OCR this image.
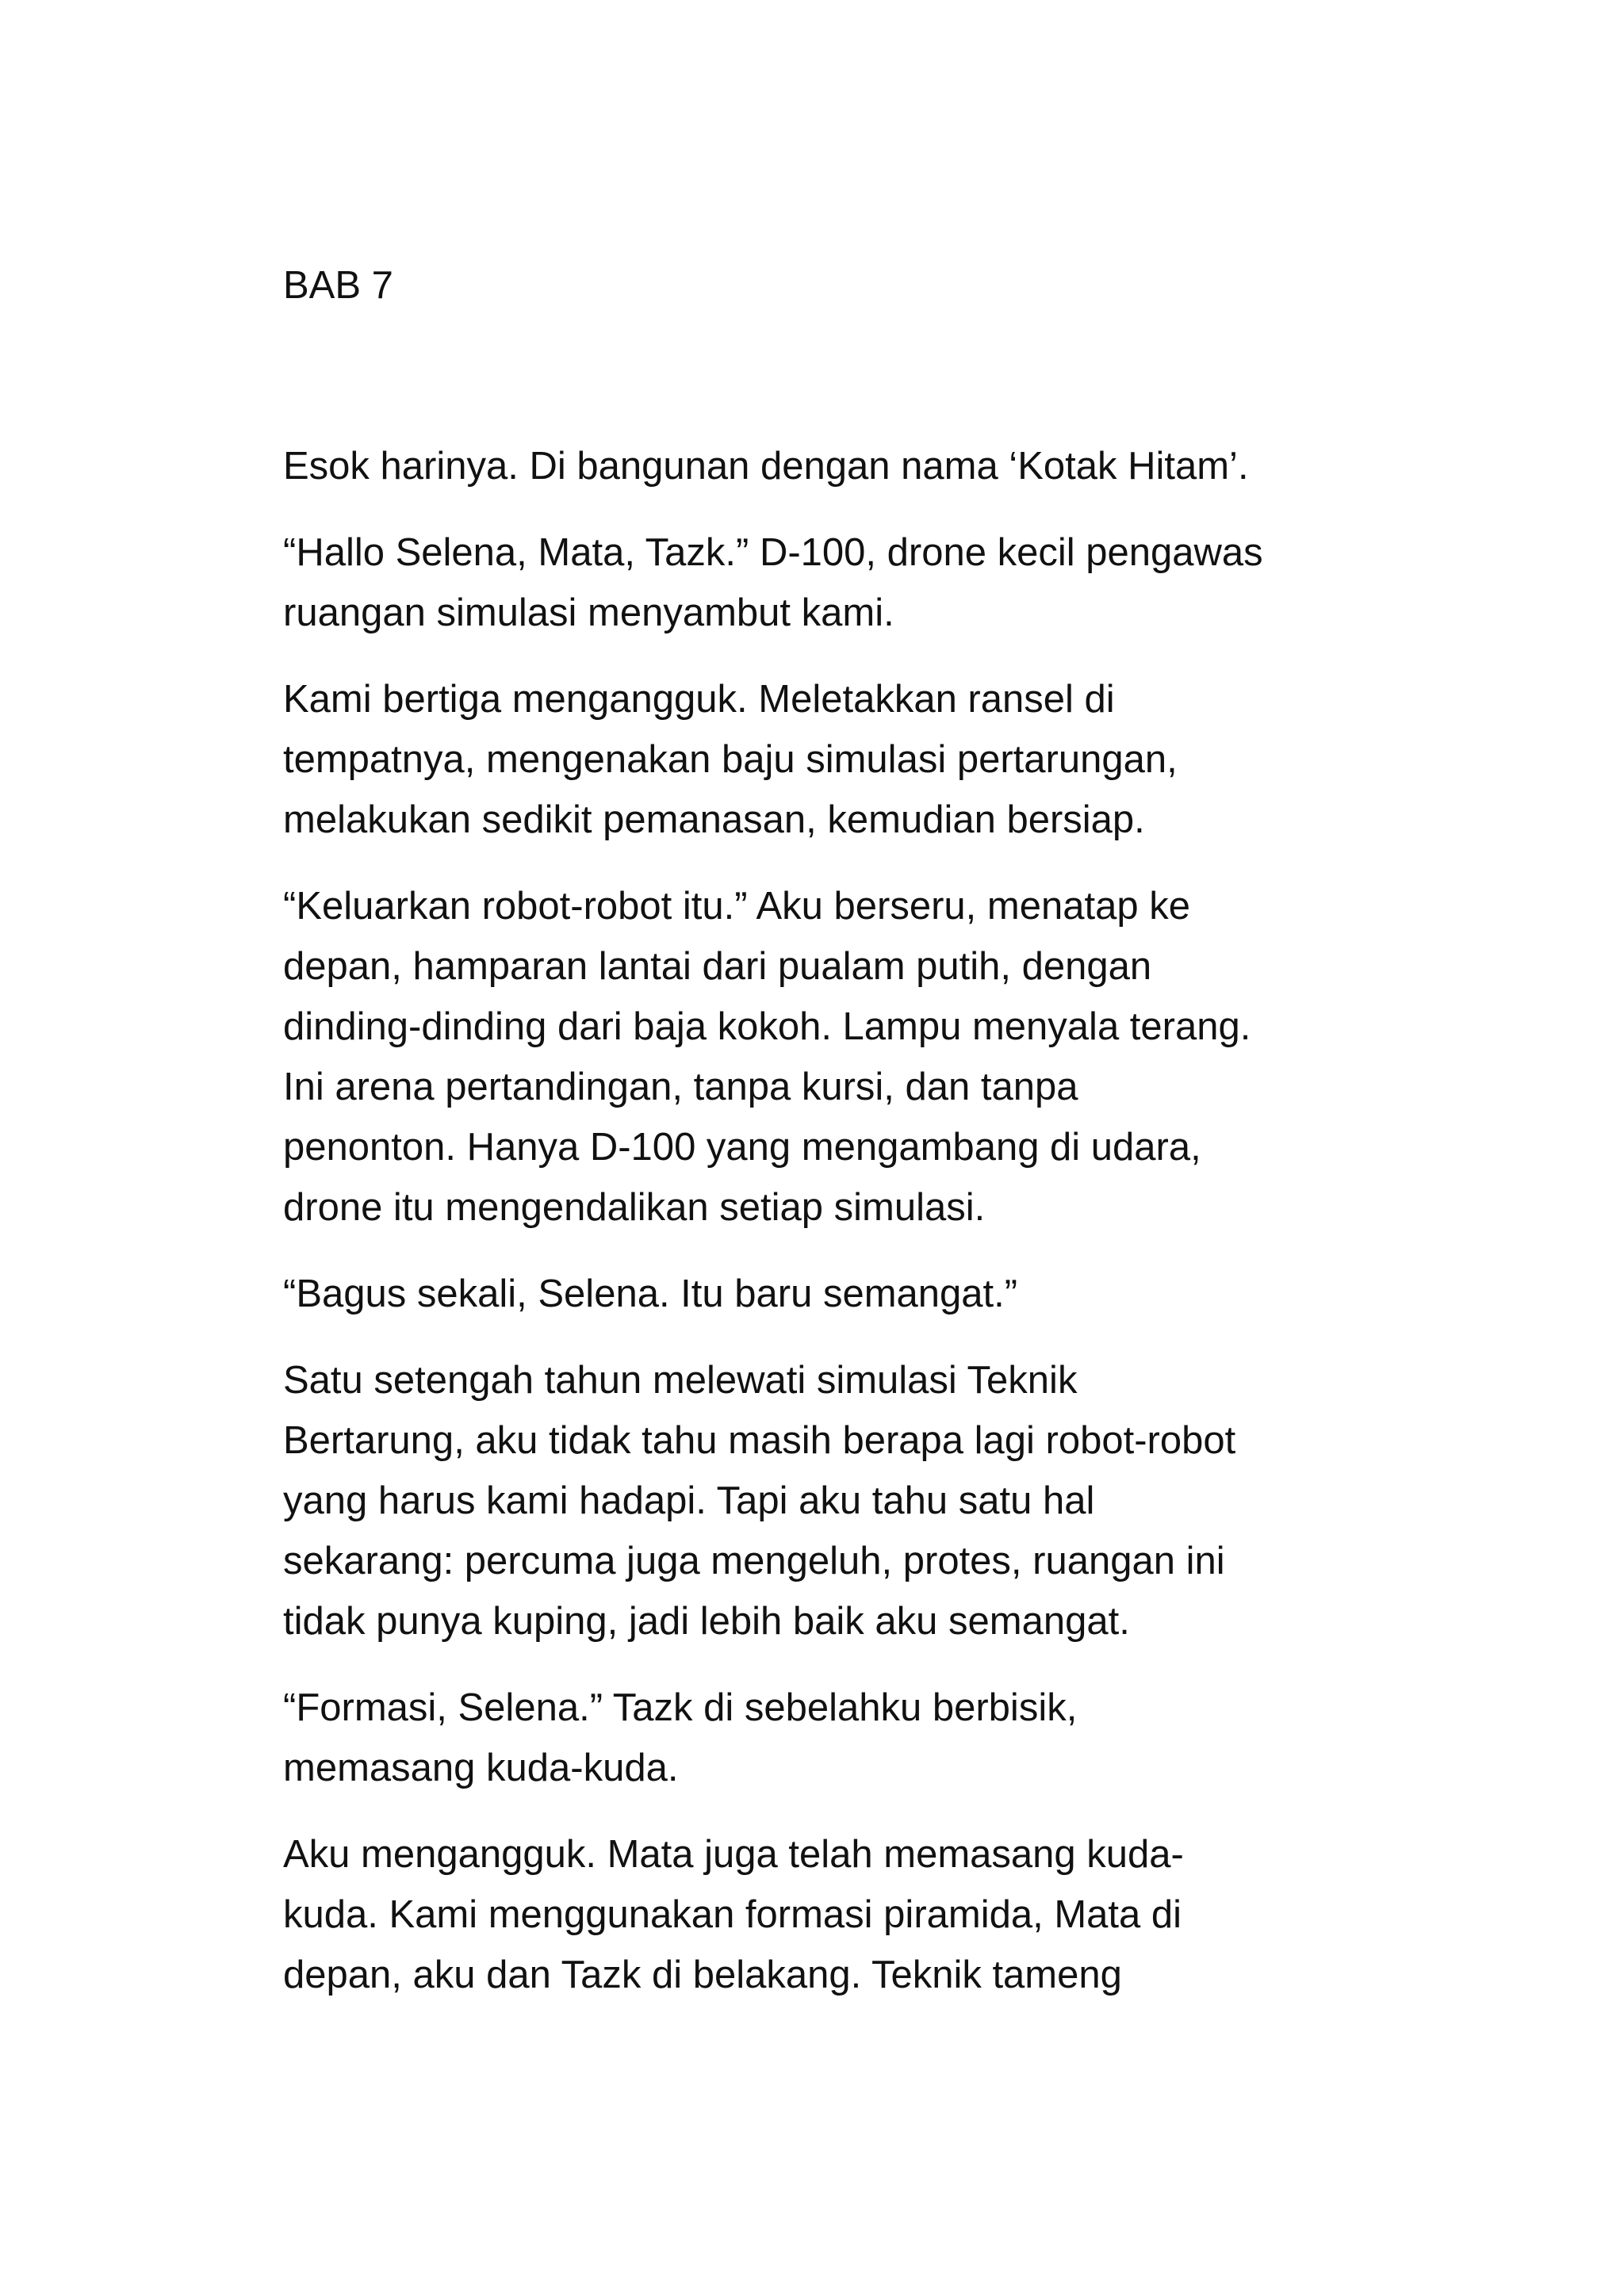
BAB 7

Esok harinya. Di bangunan dengan nama ‘Kotak Hitam’.

“Hallo Selena, Mata, Tazk.” D-100, drone kecil pengawas
ruangan simulasi menyambut kami.

Kami bertiga mengangguk. Meletakkan ransel di
tempatnya, mengenakan baju simulasi pertarungan,
melakukan sedikit pemanasan, kemudian bersiap.

“Keluarkan robot-robot itu.” Aku berseru, menatap ke
depan, hamparan lantai dari pualam putih, dengan
dinding-dinding dari baja kokoh. Lampu menyala terang.
Ini arena pertandingan, tanpa kursi, dan tanpa
penonton. Hanya D-100 yang mengambang di udara,
drone itu mengendalikan setiap simulasi.

“Bagus sekali, Selena. Itu baru semangat.”

Satu setengah tahun melewati simulasi Teknik
Bertarung, aku tidak tahu masih berapa lagi robot-robot
yang harus kami hadapi. Tapi aku tahu satu hal
sekarang: percuma juga mengeluh, protes, ruangan ini
tidak punya kuping, jadi lebih baik aku semangat.

“Formasi, Selena.” Tazk di sebelahku berbisik,
memasang kuda-kuda.

Aku mengangguk. Mata juga telah memasang kuda-
kuda. Kami menggunakan formasi piramida, Mata di
depan, aku dan Tazk di belakang. Teknik tameng
